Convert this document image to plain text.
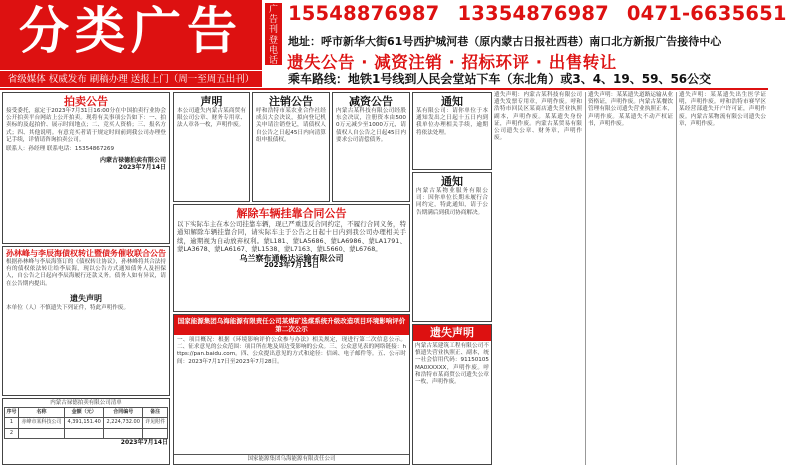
分类广告
省级媒体 权威发布 刷稿办理 送报上门（周一至周五出刊）
广告刊登电话
15548876987 13354876987 0471-6635651
地址：呼市新华大街61号西护城河巷（原内蒙古日报社西巷）南口北方新报广告接待中心
遗失公告 · 减资注销 · 招标环评 · 出售转让
乘车路线：地铁1号线到人民会堂站下车（东北角）或3、4、19、59、56公交
拍卖公告
接受委托，兹定于2023年7月31日16:00分在中国拍卖行业协会公开拍卖平台网站上公开拍卖。现将有关事项公告如下：一、拍卖标的及起拍价、展示时间地点；二、竞买人资格；三、报名方式；四、其他说明。有意竞买者请于规定时间前到我公司办理登记手续，详情请咨询拍卖公司。
联系人：孙经理 联系电话：15354867269
内蒙古禄德拍卖有限公司
2023年7月14日
孙林峰与李辰海债权转让暨债务催收联合公告
根据孙林峰与李辰海签订的《债权转让协议》，孙林峰将其合法持有的债权依法转让给李辰海，现以公告方式通知债务人及担保人，自公告之日起向李辰海履行还款义务。债务人如有异议，请在公告期内提出。
遗失声明
本单位（人）不慎遗失下列证件，特此声明作废。
内蒙古禄德拍卖有限公司清单
序号	名称	金额（元）	合同编号	备注
1	赤峰市某科技公司	4,391,151.40	2,224,732.00	详见附件
2				
2023年7月14日
声明
本公司遗失内蒙古某商贸有限公司公章、财务专用章、法人章各一枚，声明作废。
注销公告
呼和浩特市某农业合作社经成员大会决议，拟向登记机关申请注销登记，请债权人自公告之日起45日内向清算组申报债权。
减资公告
内蒙古某科技有限公司经股东会决议，注册资本由5000万元减少至1000万元，请债权人自公告之日起45日内要求公司清偿债务。
解除车辆挂靠合同公告
以下实际车主在本公司挂靠车辆，现已严重违反合同约定，不履行合同义务，特通知解除车辆挂靠合同，请实际车主于公告之日起十日内到我公司办理相关手续，逾期视为自动放弃权利。蒙L181、蒙LA5686、蒙LA6986、蒙LA1791、蒙LA3678、蒙LA6167、蒙L1538、蒙L7163、蒙L5660、蒙L6768。
乌兰察布通畅达运输有限公司
2023年7月15日
国家能源集团乌海能源有限责任公司某煤矿选煤系统升级改造项目环境影响评价第二次公示
一、项目概况：根据《环境影响评价公众参与办法》相关规定，现进行第二次信息公示。二、征求意见的公众范围：项目所在地及周边受影响的公众。三、公众意见表的网络链接：https://pan.baidu.com。四、公众提出意见的方式和途径：信函、电子邮件等。五、公示时间：2023年7月17日至2023年7月28日。
国家能源集团乌海能源有限责任公司
通知
某有限公司：请你单位于本通知发出之日起十五日内到我单位办理相关手续，逾期将依法处理。
通知
内蒙古某物业服务有限公司：因你单位长期未履行合同约定，特此通知，请于公告期满后到我司协商解决。
遗失声明
内蒙古某建筑工程有限公司不慎遗失营业执照正、副本，统一社会信用代码：91150105MA0XXXXX，声明作废。呼和浩特市某商贸公司遗失公章一枚，声明作废。
遗失声明：内蒙古某科技有限公司遗失发票专用章，声明作废。呼和浩特市回民区某商店遗失营业执照副本，声明作废。某某遗失身份证，声明作废。内蒙古某贸易有限公司遗失公章、财务章，声明作废。
遗失声明：某某遗失道路运输从业资格证，声明作废。内蒙古某餐饮管理有限公司遗失营业执照正本，声明作废。某某遗失不动产权证书，声明作废。
遗失声明：某某遗失出生医学证明，声明作废。呼和浩特市赛罕区某经营部遗失开户许可证，声明作废。内蒙古某物流有限公司遗失公章，声明作废。
